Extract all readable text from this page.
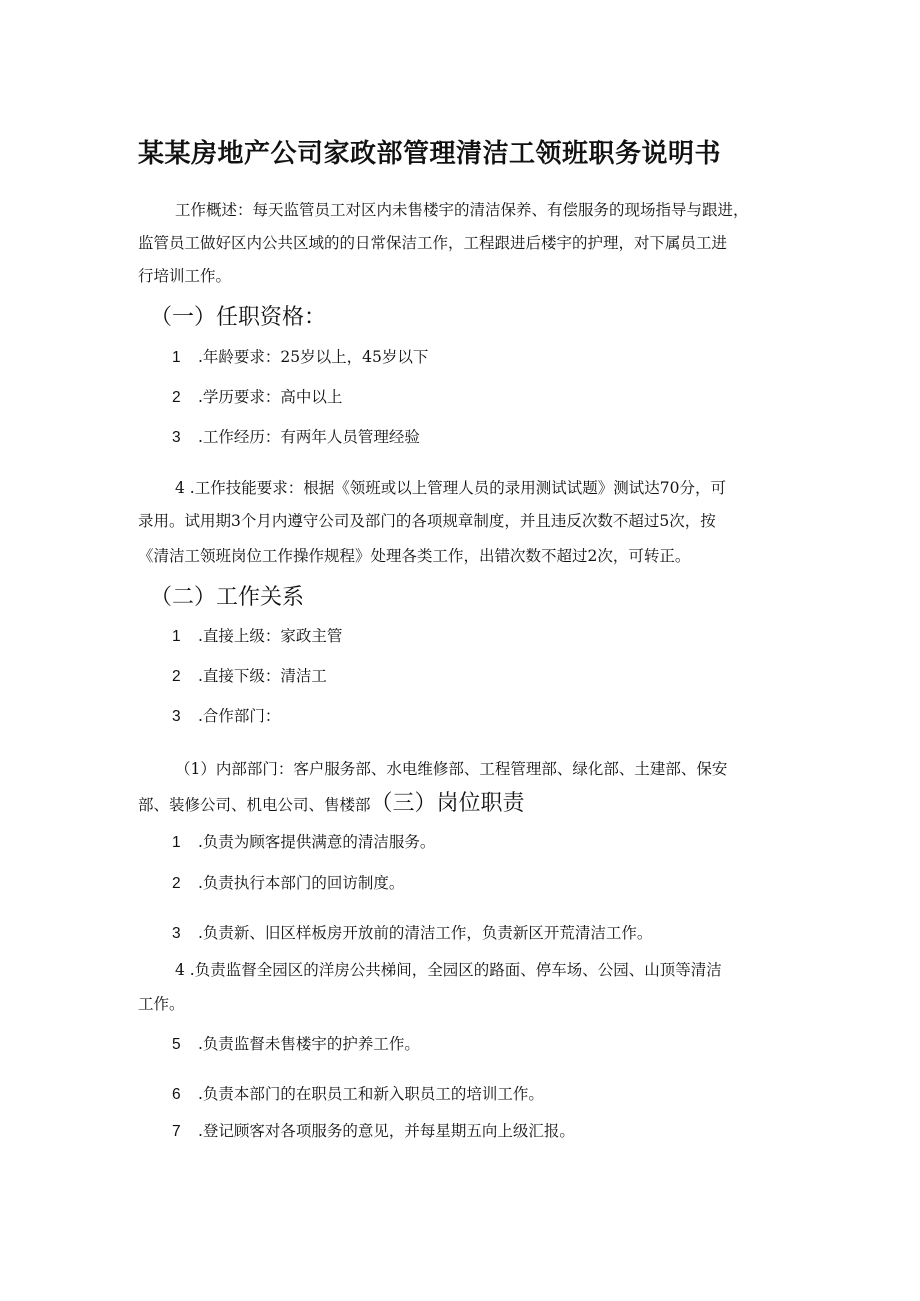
某某房地产公司家政部管理清洁工领班职务说明书
工作概述：每天监管员工对区内未售楼宇的清洁保养、有偿服务的现场指导与跟进，
监管员工做好区内公共区域的的日常保洁工作，工程跟进后楼宇的护理，对下属员工进
行培训工作。
（一）任职资格：
1 .年龄要求：25岁以上，45岁以下
2 .学历要求：高中以上
3 .工作经历：有两年人员管理经验
4 .工作技能要求：根据《领班或以上管理人员的录用测试试题》测试达70分，可
录用。试用期3个月内遵守公司及部门的各项规章制度，并且违反次数不超过5次，按
《清洁工领班岗位工作操作规程》处理各类工作，出错次数不超过2次，可转正。
（二）工作关系
1 .直接上级：家政主管
2 .直接下级：清洁工
3 .合作部门：
（1）内部部门：客户服务部、水电维修部、工程管理部、绿化部、土建部、保安
部、装修公司、机电公司、售楼部（三）岗位职责
1 .负责为顾客提供满意的清洁服务。
2 .负责执行本部门的回访制度。
3 .负责新、旧区样板房开放前的清洁工作，负责新区开荒清洁工作。
4 .负责监督全园区的洋房公共梯间，全园区的路面、停车场、公园、山顶等清洁
工作。
5 .负责监督未售楼宇的护养工作。
6 .负责本部门的在职员工和新入职员工的培训工作。
7 .登记顾客对各项服务的意见，并每星期五向上级汇报。
